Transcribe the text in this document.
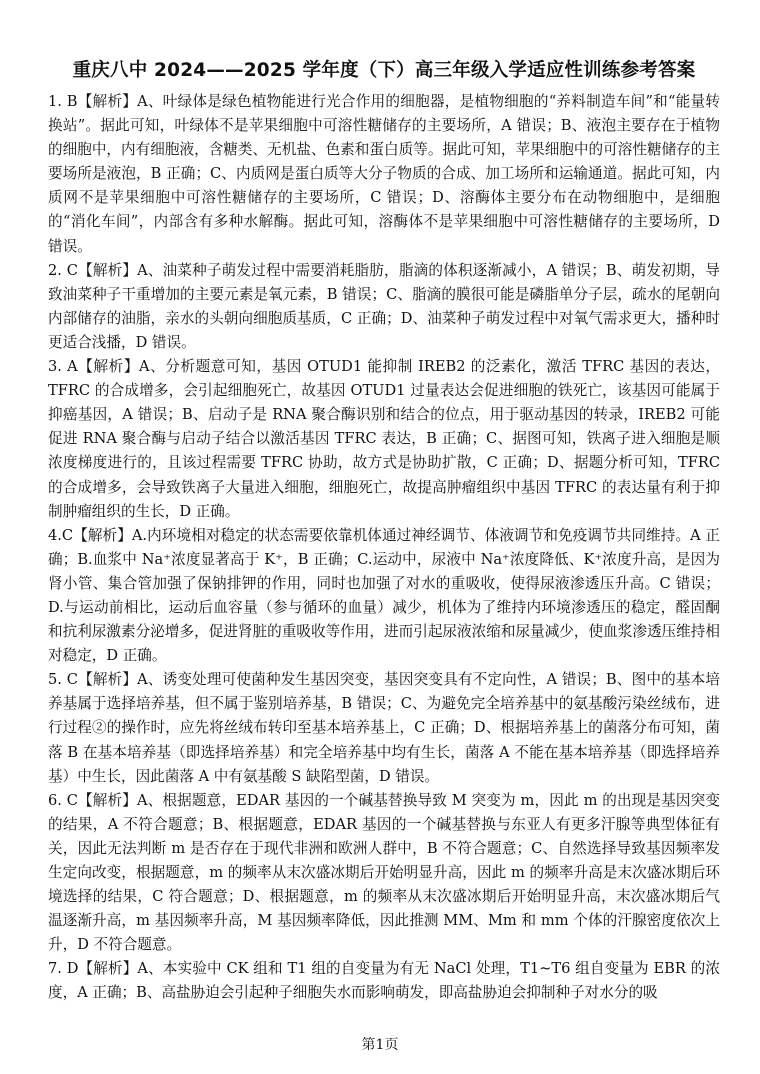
重庆八中 2024——2025 学年度（下）高三年级入学适应性训练参考答案

1. B【解析】A、叶绿体是绿色植物能进行光合作用的细胞器，是植物细胞的“养料制造车间”和“能量转换站”。据此可知，叶绿体不是苹果细胞中可溶性糖储存的主要场所，A 错误；B、液泡主要存在于植物的细胞中，内有细胞液，含糖类、无机盐、色素和蛋白质等。据此可知，苹果细胞中的可溶性糖储存的主要场所是液泡，B 正确；C、内质网是蛋白质等大分子物质的合成、加工场所和运输通道。据此可知，内质网不是苹果细胞中可溶性糖储存的主要场所，C 错误；D、溶酶体主要分布在动物细胞中，是细胞的“消化车间”，内部含有多种水解酶。据此可知，溶酶体不是苹果细胞中可溶性糖储存的主要场所，D 错误。

2. C【解析】A、油菜种子萌发过程中需要消耗脂肪，脂滴的体积逐渐减小，A 错误；B、萌发初期，导致油菜种子干重增加的主要元素是氧元素，B 错误；C、脂滴的膜很可能是磷脂单分子层，疏水的尾朝向内部储存的油脂，亲水的头朝向细胞质基质，C 正确；D、油菜种子萌发过程中对氧气需求更大，播种时更适合浅播，D 错误。

3. A【解析】A、分析题意可知，基因 OTUD1 能抑制 IREB2 的泛素化，激活 TFRC 基因的表达，TFRC 的合成增多，会引起细胞死亡，故基因 OTUD1 过量表达会促进细胞的铁死亡，该基因可能属于抑癌基因，A 错误；B、启动子是 RNA 聚合酶识别和结合的位点，用于驱动基因的转录，IREB2 可能促进 RNA 聚合酶与启动子结合以激活基因 TFRC 表达，B 正确；C、据图可知，铁离子进入细胞是顺浓度梯度进行的，且该过程需要 TFRC 协助，故方式是协助扩散，C 正确；D、据题分析可知，TFRC 的合成增多，会导致铁离子大量进入细胞，细胞死亡，故提高肿瘤组织中基因 TFRC 的表达量有利于抑制肿瘤组织的生长，D 正确。

4.C【解析】A.内环境相对稳定的状态需要依靠机体通过神经调节、体液调节和免疫调节共同维持。A 正确；B.血浆中 Na⁺浓度显著高于 K⁺，B 正确；C.运动中，尿液中 Na⁺浓度降低、K⁺浓度升高，是因为肾小管、集合管加强了保钠排钾的作用，同时也加强了对水的重吸收，使得尿液渗透压升高。C 错误；D.与运动前相比，运动后血容量（参与循环的血量）减少，机体为了维持内环境渗透压的稳定，醛固酮和抗利尿激素分泌增多，促进肾脏的重吸收等作用，进而引起尿液浓缩和尿量减少，使血浆渗透压维持相对稳定，D 正确。

5. C【解析】A、诱变处理可使菌种发生基因突变，基因突变具有不定向性，A 错误；B、图中的基本培养基属于选择培养基，但不属于鉴别培养基，B 错误；C、为避免完全培养基中的氨基酸污染丝绒布，进行过程②的操作时，应先将丝绒布转印至基本培养基上，C 正确；D、根据培养基上的菌落分布可知，菌落 B 在基本培养基（即选择培养基）和完全培养基中均有生长，菌落 A 不能在基本培养基（即选择培养基）中生长，因此菌落 A 中有氨基酸 S 缺陷型菌，D 错误。

6. C【解析】A、根据题意，EDAR 基因的一个碱基替换导致 M 突变为 m，因此 m 的出现是基因突变的结果，A 不符合题意；B、根据题意，EDAR 基因的一个碱基替换与东亚人有更多汗腺等典型体征有关，因此无法判断 m 是否存在于现代非洲和欧洲人群中，B 不符合题意；C、自然选择导致基因频率发生定向改变，根据题意，m 的频率从末次盛冰期后开始明显升高，因此 m 的频率升高是末次盛冰期后环境选择的结果，C 符合题意；D、根据题意，m 的频率从末次盛冰期后开始明显升高，末次盛冰期后气温逐渐升高，m 基因频率升高，M 基因频率降低，因此推测 MM、Mm 和 mm 个体的汗腺密度依次上升，D 不符合题意。

7. D【解析】A、本实验中 CK 组和 T1 组的自变量为有无 NaCl 处理，T1~T6 组自变量为 EBR 的浓度，A 正确；B、高盐胁迫会引起种子细胞失水而影响萌发，即高盐胁迫会抑制种子对水分的吸

第1页
